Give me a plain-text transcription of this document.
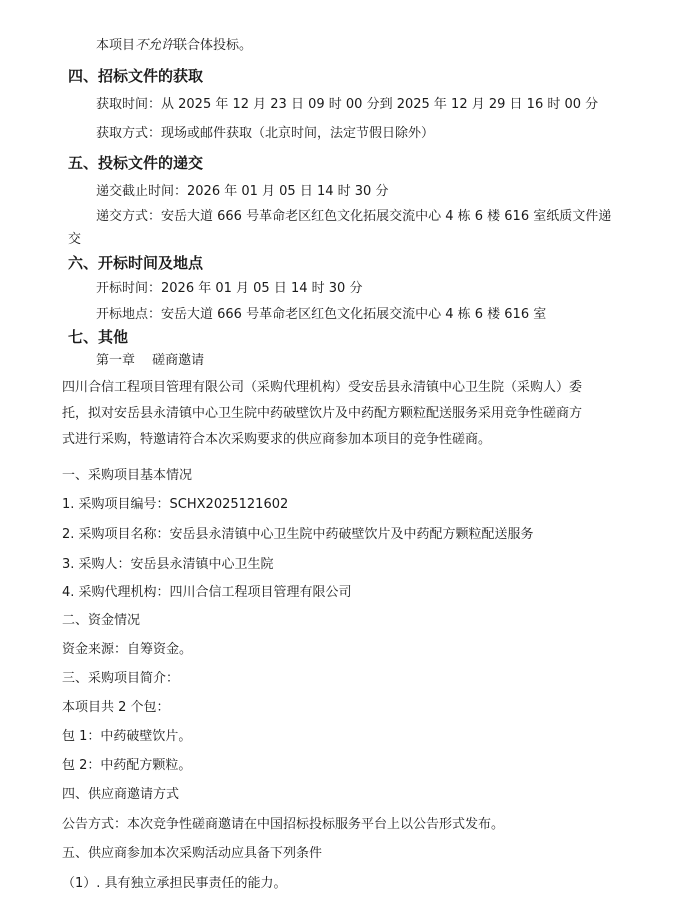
本项目不允许联合体投标。
四、招标文件的获取
获取时间：从 2025 年 12 月 23 日 09 时 00 分到 2025 年 12 月 29 日 16 时 00 分
获取方式：现场或邮件获取（北京时间，法定节假日除外）
五、投标文件的递交
递交截止时间：2026 年 01 月 05 日 14 时 30 分
递交方式：安岳大道 666 号革命老区红色文化拓展交流中心 4 栋 6 楼 616 室纸质文件递
交
六、开标时间及地点
开标时间：2026 年 01 月 05 日 14 时 30 分
开标地点：安岳大道 666 号革命老区红色文化拓展交流中心 4 栋 6 楼 616 室
七、其他
第一章　 磋商邀请
四川合信工程项目管理有限公司（采购代理机构）受安岳县永清镇中心卫生院（采购人）委
托，拟对安岳县永清镇中心卫生院中药破壁饮片及中药配方颗粒配送服务采用竞争性磋商方
式进行采购，特邀请符合本次采购要求的供应商参加本项目的竞争性磋商。
一、采购项目基本情况
1. 采购项目编号：SCHX2025121602
2. 采购项目名称：安岳县永清镇中心卫生院中药破壁饮片及中药配方颗粒配送服务
3. 采购人：安岳县永清镇中心卫生院
4. 采购代理机构：四川合信工程项目管理有限公司
二、资金情况
资金来源：自筹资金。
三、采购项目简介：
本项目共 2 个包：
包 1：中药破壁饮片。
包 2：中药配方颗粒。
四、供应商邀请方式
公告方式：本次竞争性磋商邀请在中国招标投标服务平台上以公告形式发布。
五、供应商参加本次采购活动应具备下列条件
（1）. 具有独立承担民事责任的能力。
